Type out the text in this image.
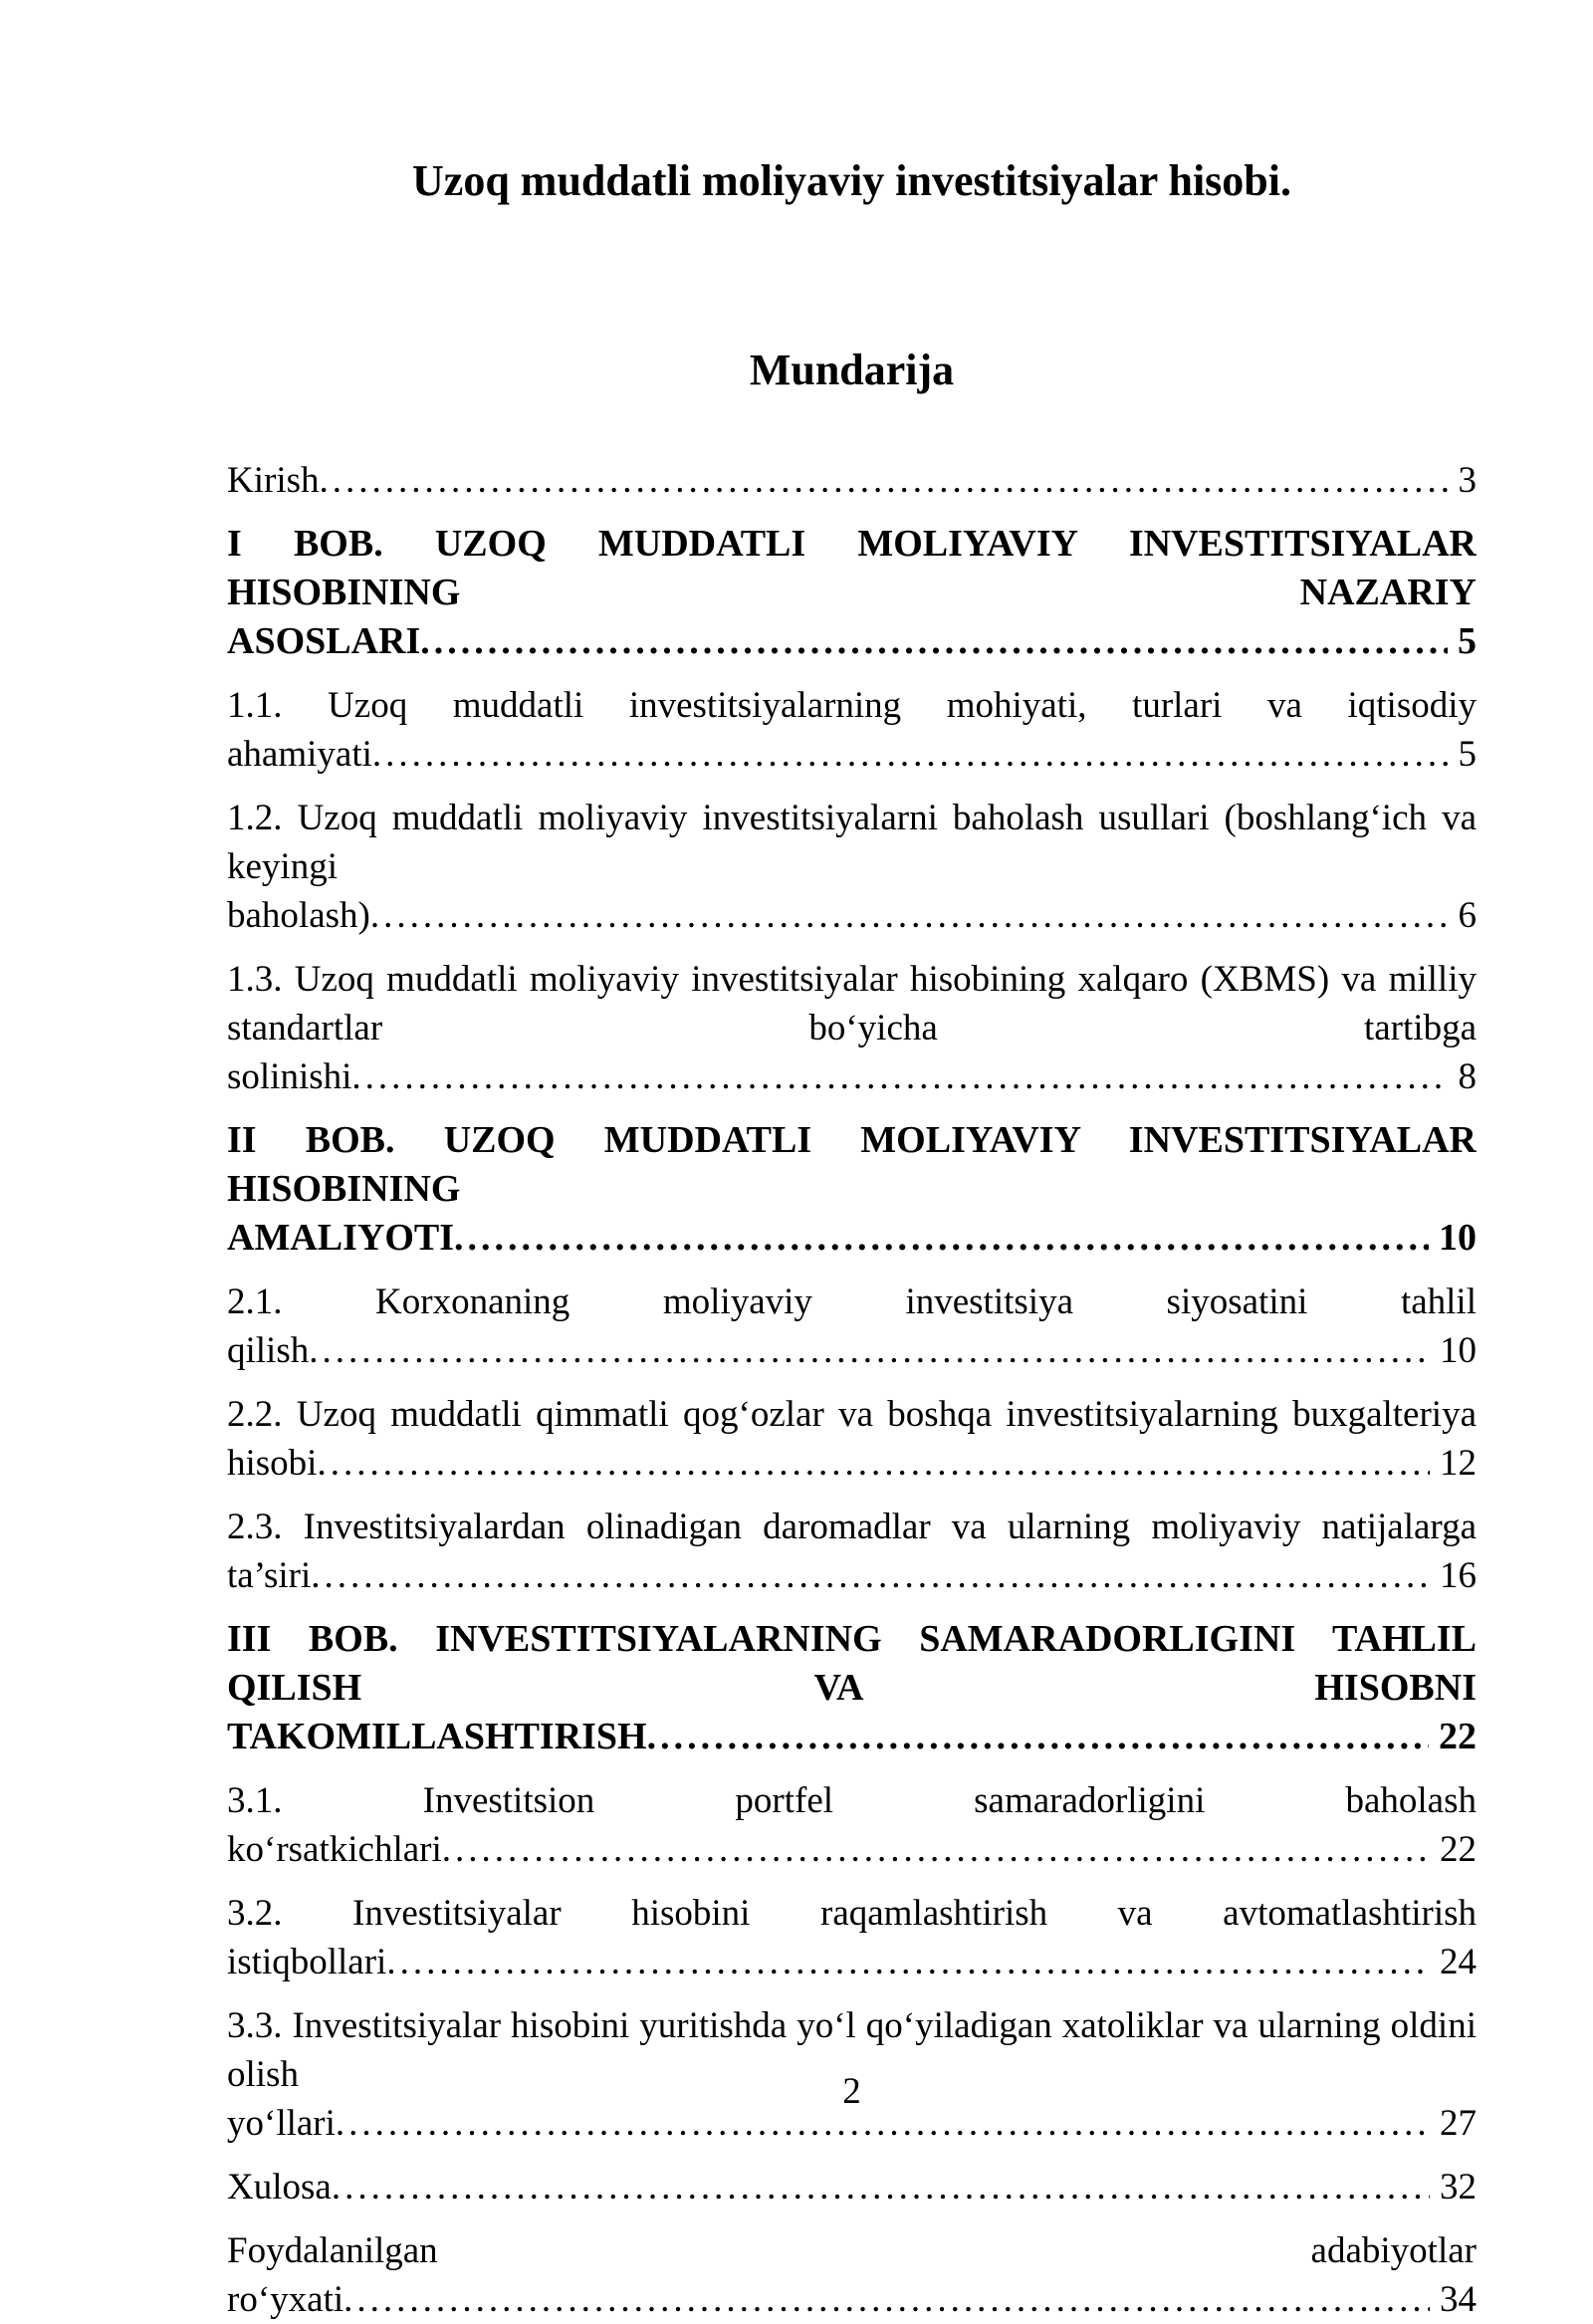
Uzoq muddatli moliyaviy investitsiyalar hisobi.
Mundarija

Kirish .....	3

I BOB. UZOQ MUDDATLI MOLIYAVIY INVESTITSIYALAR HISOBINING NAZARIY ASOSLARI .....	5

1.1. Uzoq muddatli investitsiyalarning mohiyati, turlari va iqtisodiy ahamiyati .....	5

1.2. Uzoq muddatli moliyaviy investitsiyalarni baholash usullari (boshlang‘ich va keyingi baholash) .....	6

1.3. Uzoq muddatli moliyaviy investitsiyalar hisobining xalqaro (XBMS) va milliy standartlar bo‘yicha tartibga solinishi .....	8

II BOB. UZOQ MUDDATLI MOLIYAVIY INVESTITSIYALAR HISOBINING AMALIYOTI .....	10

2.1. Korxonaning moliyaviy investitsiya siyosatini tahlil qilish .....	10

2.2. Uzoq muddatli qimmatli qog‘ozlar va boshqa investitsiyalarning buxgalteriya hisobi .....	12

2.3. Investitsiyalardan olinadigan daromadlar va ularning moliyaviy natijalarga ta’siri .....	16

III BOB. INVESTITSIYALARNING SAMARADORLIGINI TAHLIL QILISH VA HISOBNI TAKOMILLASHTIRISH .....	22

3.1. Investitsion portfel samaradorligini baholash ko‘rsatkichlari .....	22

3.2. Investitsiyalar hisobini raqamlashtirish va avtomatlashtirish istiqbollari .....	24

3.3. Investitsiyalar hisobini yuritishda yo‘l qo‘yiladigan xatoliklar va ularning oldini olish yo‘llari .....	27

Xulosa .....	32

Foydalanilgan adabiyotlar ro‘yxati .....	34

2
